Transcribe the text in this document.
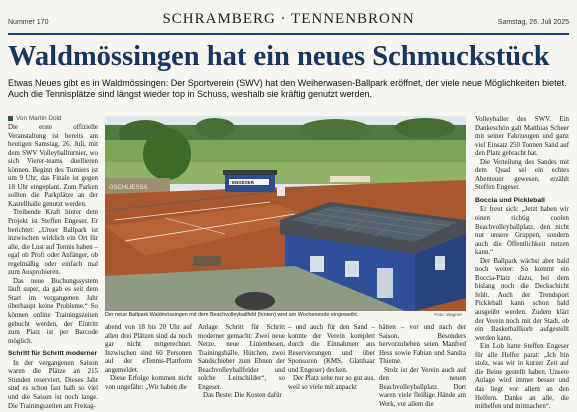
Nummer 170	SCHRAMBERG · TENNENBRONN	Samstag, 26. Juli 2025
Waldmössingen hat ein neues Schmuckstück
Etwas Neues gibt es in Waldmössingen: Der Sportverein (SWV) hat den Weiherwasen-Ballpark eröffnet, der viele neue Möglichkeiten bietet. Auch die Tennisplätze sind längst wieder top in Schuss, weshalb sie kräftig genutzt werden.
Von Martin Dold

Die erste offizielle Veranstaltung ist bereits am heutigen Samstag, 26. Juli, mit dem SWV Volleyballturnier, wo sich Vierer-teams duellieren können. Beginn des Turniers ist um 9 Uhr, das Finale ist gegen 18 Uhr eingeplant. Zum Parken sollten die Parkplätze an der Kastellhalle genutzt werden.

Treibende Kraft hinter dem Projekt ist Steffen Engeser. Er berichtet: „Unser Ballpark ist inzwischen wirklich ein Ort für alle, die Lust auf Tennis haben – egal ob Profi oder Anfänger, ob regelmäßig oder einfach mal zum Ausprobieren.

Das neue Buchungssystem läuft super, da gab es seit dem Start im vergangenen Jahr überhaupt keine Probleme.“ So können online Trainingszeiten gebucht werden, der Eintritt zum Platz ist per Barcode möglich.

Schritt für Schritt moderner

In der vergangenen Saison waren die Plätze an 215 Stunden reserviert. Dieses Jahr sind es schon fast halb so viel und die Saison ist noch lange. Die Trainingszeiten am Freitag-

GSCHLIESSA
ENGESER
Der neue Ballpark Waldmössingen mit dem Beachvolleyballfeld (hinten) wird am Wochenende eingeweiht.	Foto: Wagner

abend von 18 bis 20 Uhr auf allen drei Plätzen sind da noch gar nicht mitgerechnet. Inzwischen sind 60 Personen auf der eTennis-Plattform angemeldet.

Diese Erfolge kommen nicht von ungefähr: „Wir haben die

Anlage Schritt für Schritt moderner gemacht: Zwei neue Netze, neue Linienbesen, Trainingsbälle, Hütchen, zwei Sandschieber zum Ebnen der Beachvolleyballfelder und solche Leitschilder“, so Engeser.

Das Beste: Die Kosten dafür

– und auch für den Sand – konnte der Verein komplett durch die Einnahmen aus Reservierungen und über Sponsoren (KMS, Glatthaar und Engeser) decken.

Der Platz sehe nur so gut aus, weil so viele mit anpackt

hätten – vor und nach der Saison. Besonders hervorzuheben seien Manfred Hess sowie Fabian und Sandra Thieme.

Stolz ist der Verein auch auf den neuen Beachvolleyballplatz. Dort waren viele fleißige Hände am Werk, vor allem die

Volleyballer des SWV. Ein Dankeschön galt Matthias Scheer mit seiner Fahrzeugen und ganz viel Einsatz 250 Tonnen Sand auf den Platz gebracht hat.

Die Verteilung des Sandes mit dem Quad sei ein echtes Abenteuer gewesen, erzählt Steffen Engeser.

Boccia und Pickleball

Er freut sich: „Jetzt haben wir einen richtig coolen Beachvolleyballplatz, den nicht nur unsere Gruppen, sondern auch die Öffentlichkeit nutzen kann.“

Der Ballpark wächst aber bald noch weiter: So kommt ein Boccia-Platz dazu, bei dem bislang noch die Deckschicht fehlt. Auch der Trendsport Pickleball kann schon bald ausgeübt werden. Zudem klärt der Verein noch mit der Stadt, ob ein Basketballkorb aufgestellt werden kann.

Ein Lob hatte Steffen Engeser für alle Helfer parat: „Ich bin stolz, was wir in kurzer Zeit auf die Beine gestellt haben. Unsere Anlage wird immer besser und das liegt vor allem an den Helfern. Danke an alle, die mithelfen und mitmachen“.
